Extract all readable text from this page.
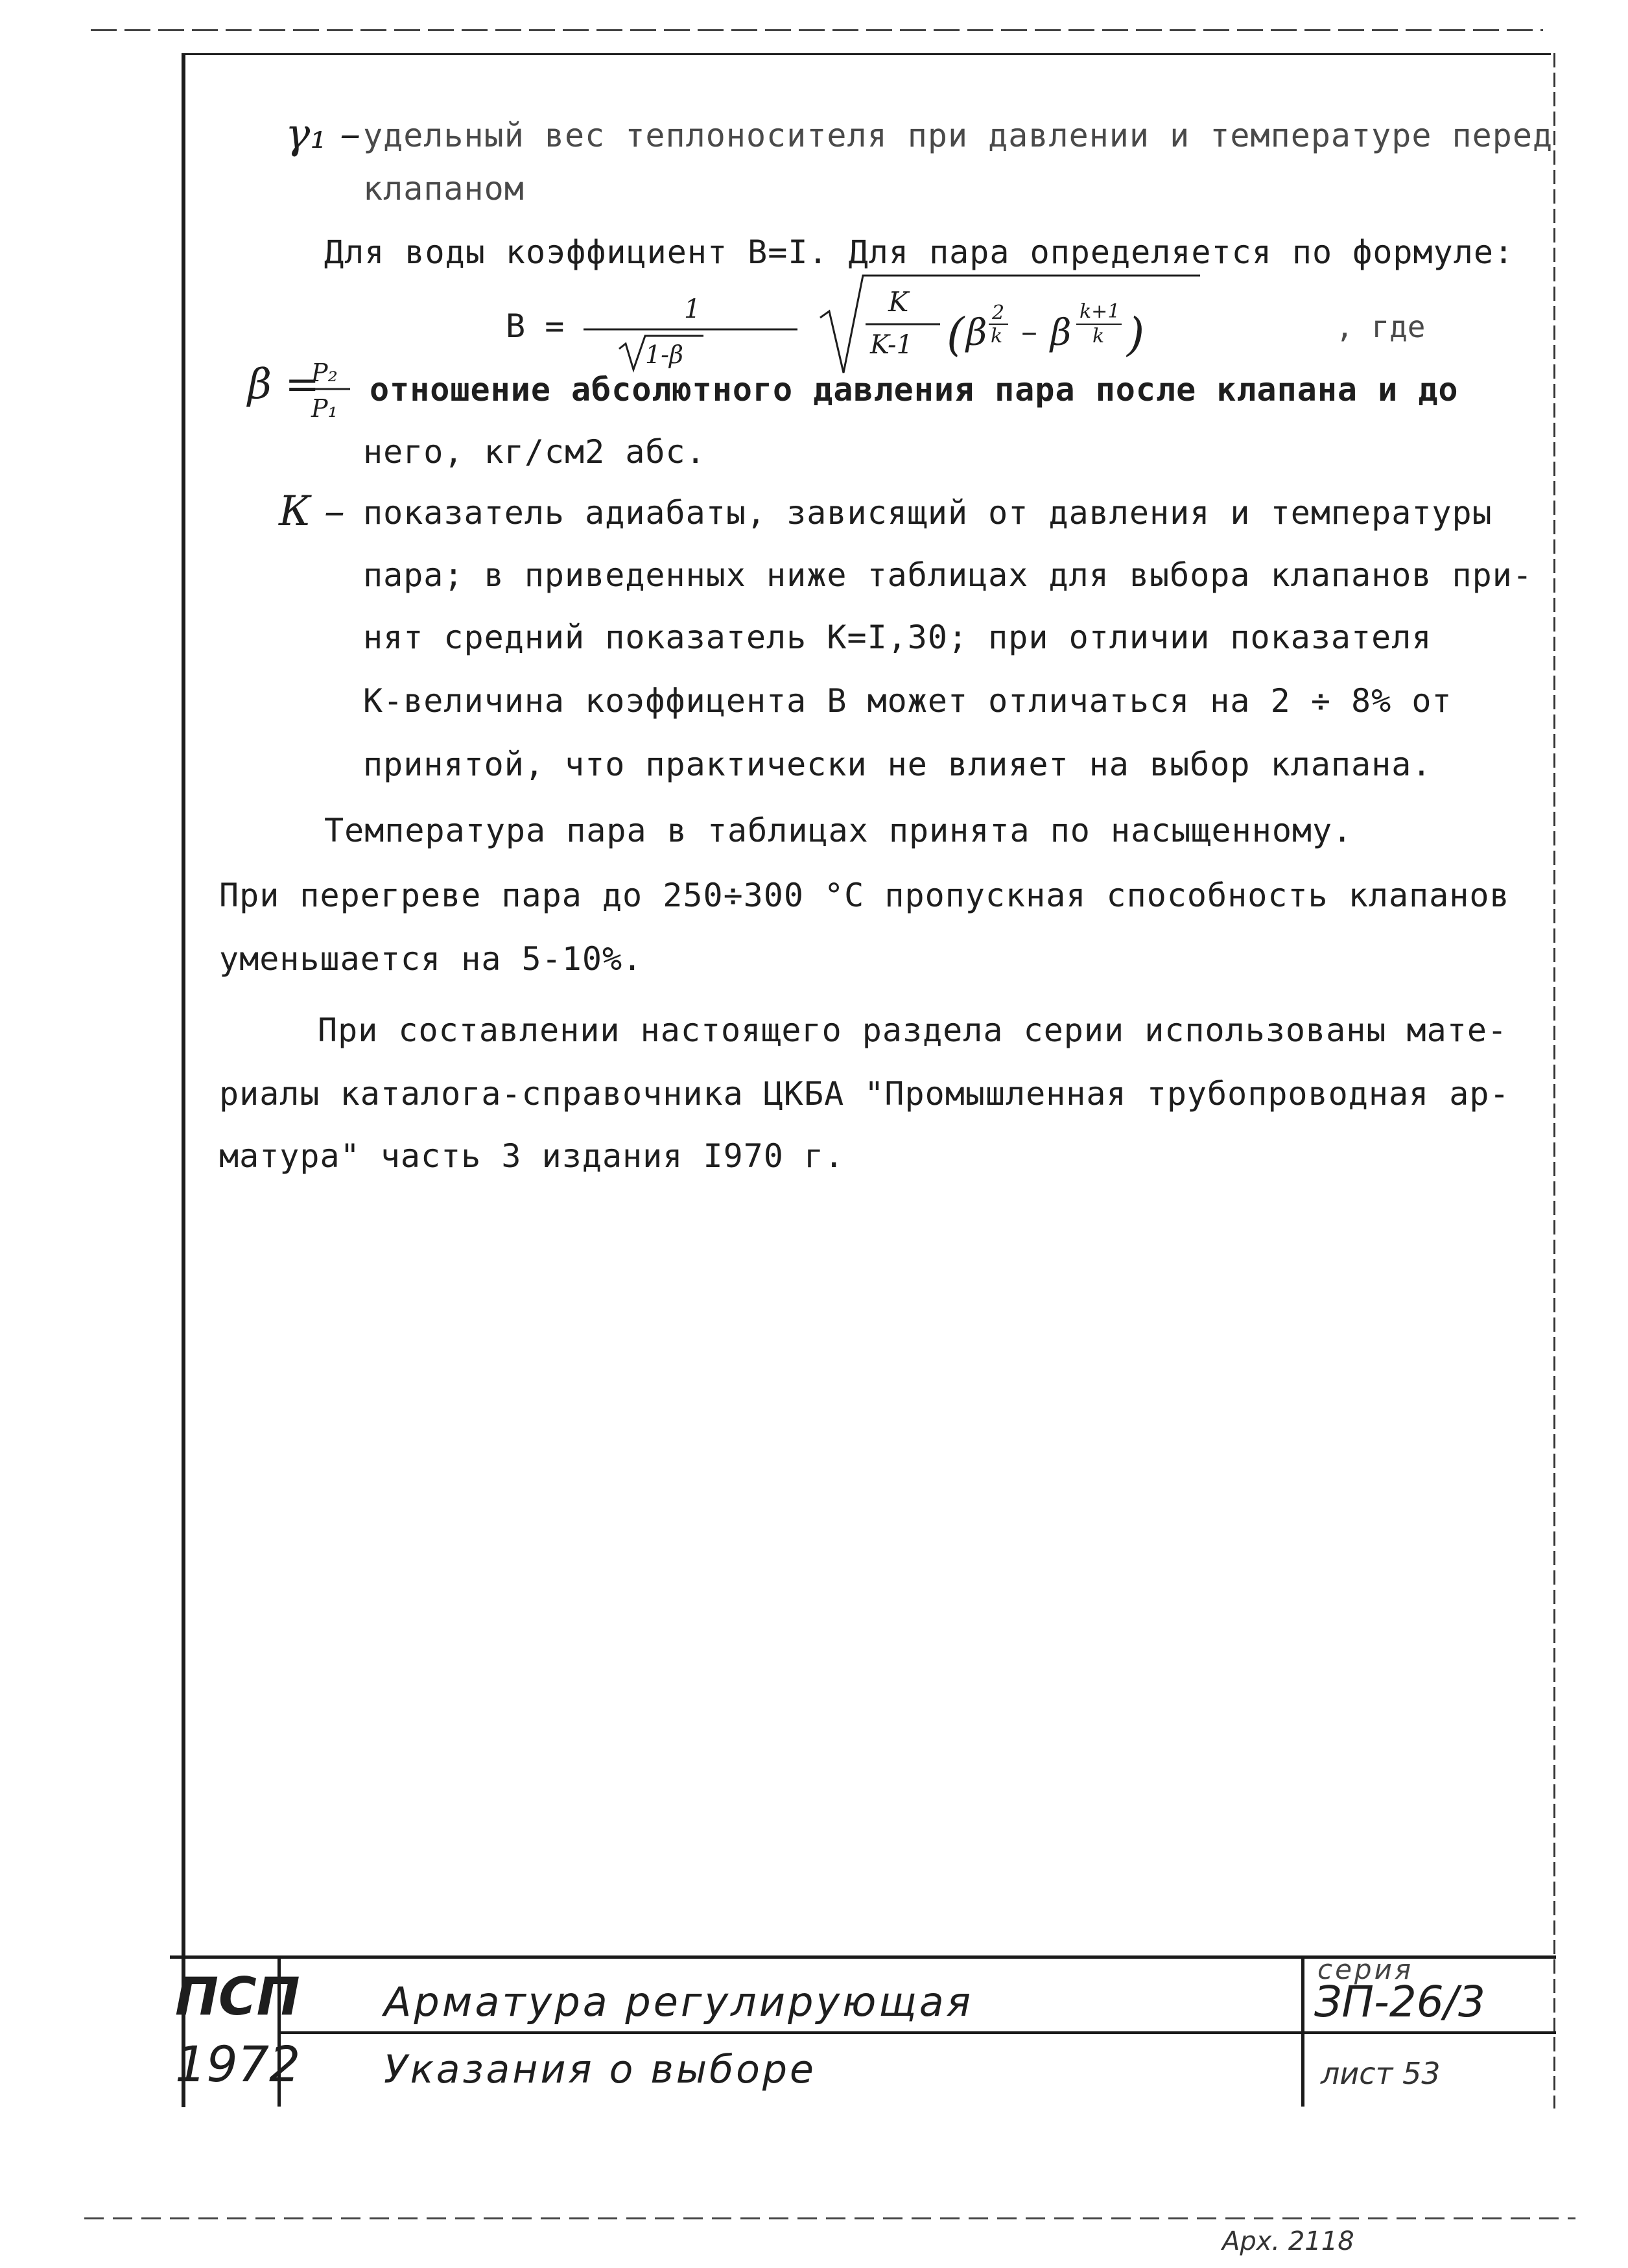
γ₁ – удельный вес теплоносителя при давлении и температуре перед
клапаном
Для воды коэффициент В=I. Для пара определяется по формуле:
В =	1
1-β
K
K-1 ( β 2
k – β
k+1
k )	, где
β =
P₂
P₁ отношение абсолютного давления пара после клапана и до
него, кг/см2 абс.
К – показатель адиабаты, зависящий от давления и температуры
пара; в приведенных ниже таблицах для выбора клапанов при-
нят средний показатель К=I,30; при отличии показателя
К-величина коэффицента В может отличаться на 2 ÷ 8% от
принятой, что практически не влияет на выбор клапана.
Температура пара в таблицах принята по насыщенному.
При перегреве пара до 250÷300 °С пропускная способность клапанов
уменьшается на 5-10%.
При составлении настоящего раздела серии использованы мате-
риалы каталога-справочника ЦКБА "Промышленная трубопроводная ар-
матура" часть 3 издания I970 г.
ПСП
1972
Арматура регулирующая
Указания о выборе
серия
ЗП-26/3
лист 53
Арх. 2118
